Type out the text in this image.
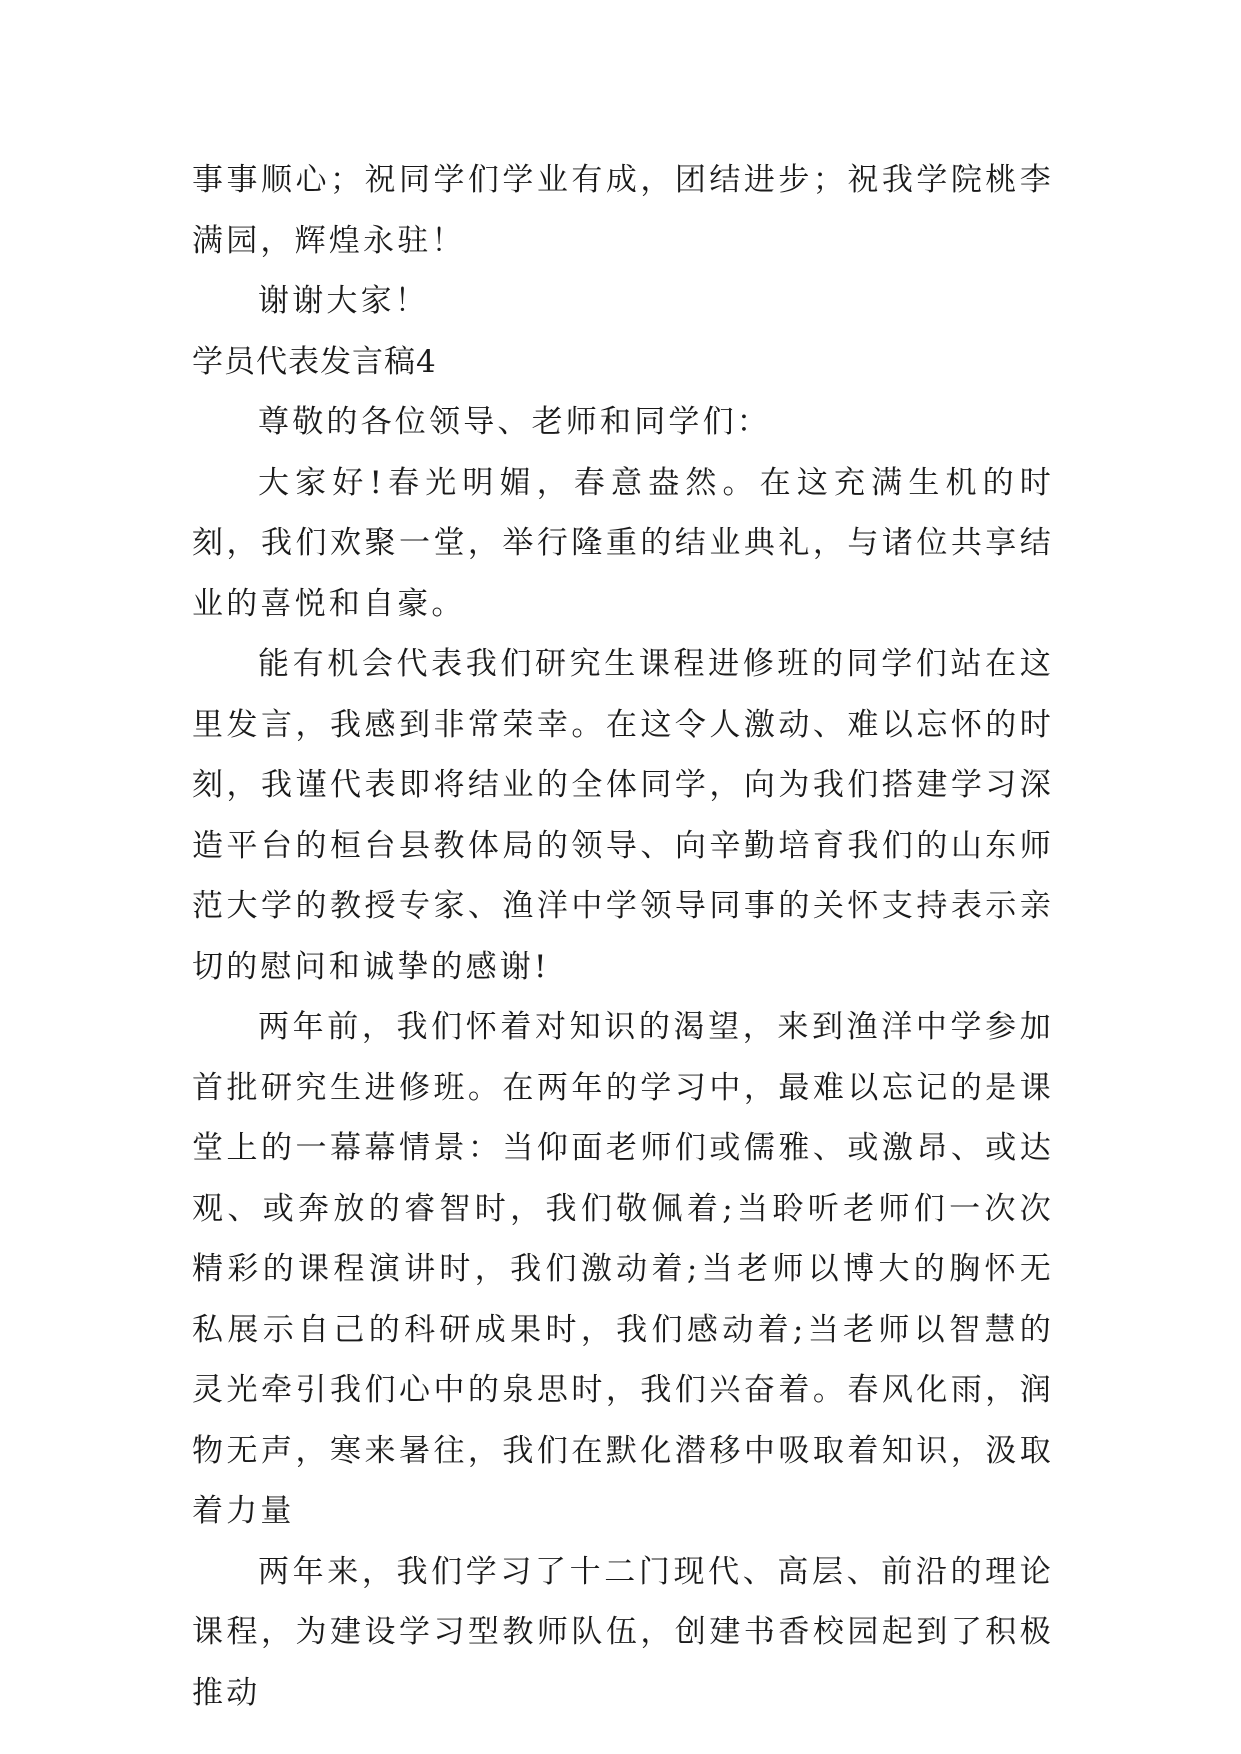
事事顺心；祝同学们学业有成，团结进步；祝我学院桃李满园，辉煌永驻！

谢谢大家！

学员代表发言稿4

尊敬的各位领导、老师和同学们：

大家好!春光明媚，春意盎然。在这充满生机的时刻，我们欢聚一堂，举行隆重的结业典礼，与诸位共享结业的喜悦和自豪。

能有机会代表我们研究生课程进修班的同学们站在这里发言，我感到非常荣幸。在这令人激动、难以忘怀的时刻，我谨代表即将结业的全体同学，向为我们搭建学习深造平台的桓台县教体局的领导、向辛勤培育我们的山东师范大学的教授专家、渔洋中学领导同事的关怀支持表示亲切的慰问和诚挚的感谢!

两年前，我们怀着对知识的渴望，来到渔洋中学参加首批研究生进修班。在两年的学习中，最难以忘记的是课堂上的一幕幕情景：当仰面老师们或儒雅、或激昂、或达观、或奔放的睿智时，我们敬佩着;当聆听老师们一次次精彩的课程演讲时，我们激动着;当老师以博大的胸怀无私展示自己的科研成果时，我们感动着;当老师以智慧的灵光牵引我们心中的泉思时，我们兴奋着。春风化雨，润物无声，寒来暑往，我们在默化潜移中吸取着知识，汲取着力量

两年来，我们学习了十二门现代、高层、前沿的理论课程，为建设学习型教师队伍，创建书香校园起到了积极推动
